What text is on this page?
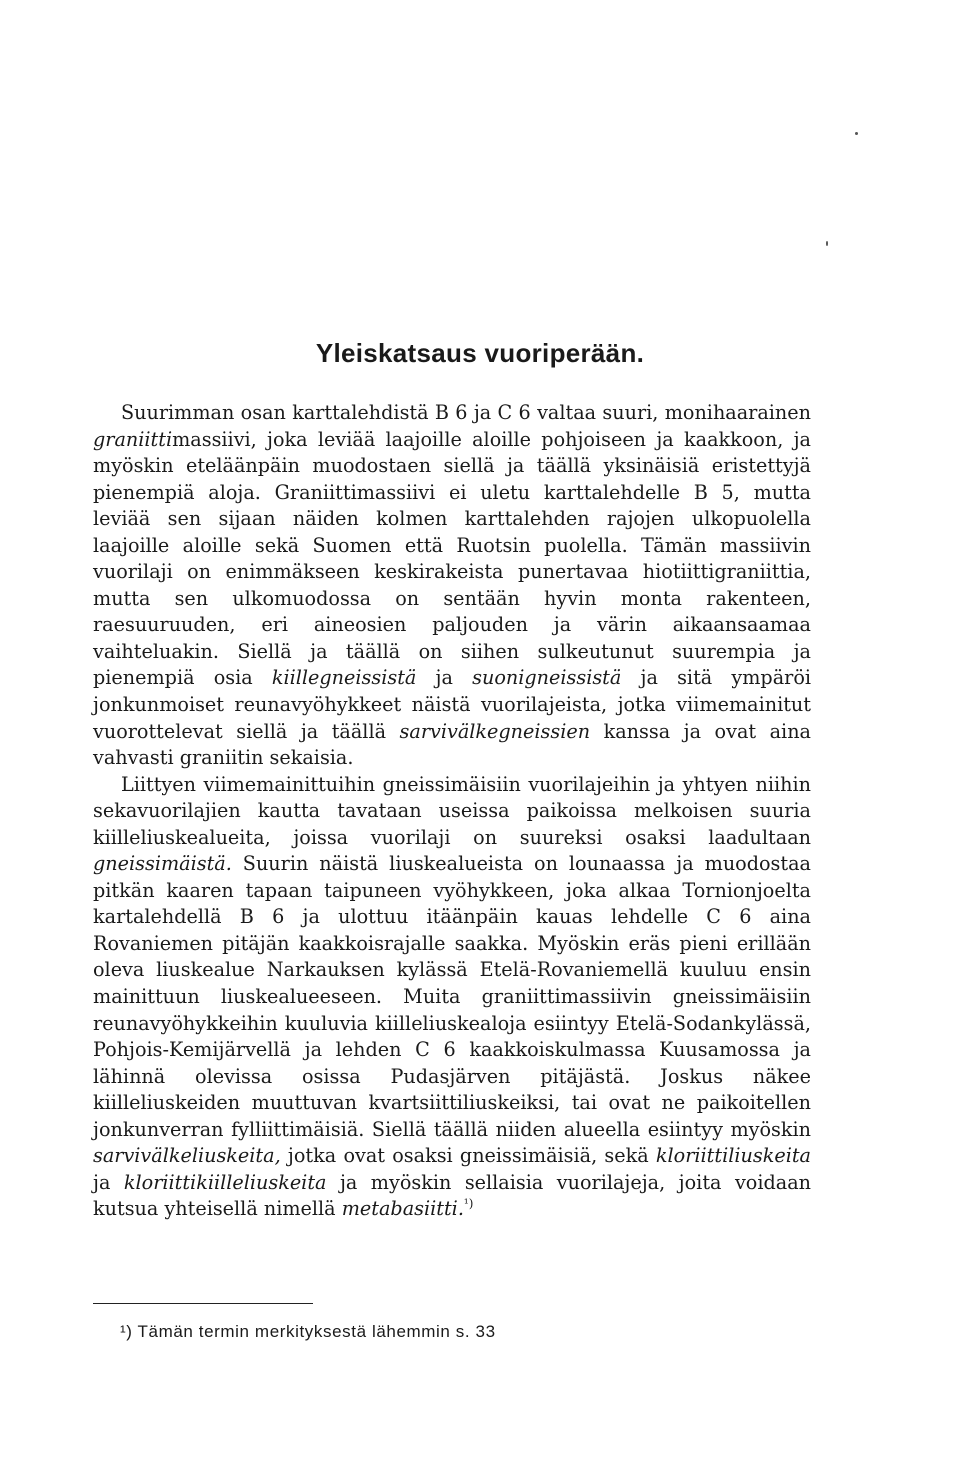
Yleiskatsaus vuoriperään.

Suurimman osan karttalehdistä B 6 ja C 6 valtaa suuri, monihaarainen graniittimassiivi, joka leviää laajoille aloille pohjoiseen ja kaakkoon, ja myöskin eteläänpäin muodostaen siellä ja täällä yksinäisiä eristettyjä pienempiä aloja. Graniittimassiivi ei uletu karttalehdelle B 5, mutta leviää sen sijaan näiden kolmen karttalehden rajojen ulkopuolella laajoille aloille sekä Suomen että Ruotsin puolella. Tämän massiivin vuorilaji on enimmäkseen keskirakeista punertavaa hiotiittigraniittia, mutta sen ulkomuodossa on sentään hyvin monta rakenteen, raesuuruuden, eri aineosien paljouden ja värin aikaansaamaa vaihteluakin. Siellä ja täällä on siihen sulkeutunut suurempia ja pienempiä osia kiillegneissistä ja suonigneissistä ja sitä ympäröi jonkunmoiset reunavyöhykkeet näistä vuorilajeista, jotka viimemainitut vuorottelevat siellä ja täällä sarvivälkegneissien kanssa ja ovat aina vahvasti graniitin sekaisia.

Liittyen viimemainittuihin gneissimäisiin vuorilajeihin ja yhtyen niihin sekavuorilajien kautta tavataan useissa paikoissa melkoisen suuria kiilleliuskealueita, joissa vuorilaji on suureksi osaksi laadultaan gneissimäistä. Suurin näistä liuskealueista on lounaassa ja muodostaa pitkän kaaren tapaan taipuneen vyöhykkeen, joka alkaa Tornionjoelta kartalehdellä B 6 ja ulottuu itäänpäin kauas lehdelle C 6 aina Rovaniemen pitäjän kaakkoisrajalle saakka. Myöskin eräs pieni erillään oleva liuskealue Narkauksen kylässä Etelä-Rovaniemellä kuuluu ensin mainittuun liuskealueeseen. Muita graniittimassiivin gneissimäisiin reunavyöhykkeihin kuuluvia kiilleliuskealoja esiintyy Etelä-Sodankylässä, Pohjois-Kemijärvellä ja lehden C 6 kaakkoiskulmassa Kuusamossa ja lähinnä olevissa osissa Pudasjärven pitäjästä. Joskus näkee kiilleliuskeiden muuttuvan kvartsiittiliuskeiksi, tai ovat ne paikoitellen jonkunverran fylliittimäisiä. Siellä täällä niiden alueella esiintyy myöskin sarvivälkeliuskeita, jotka ovat osaksi gneissimäisiä, sekä kloriittiliuskeita ja kloriittikiilleliuskeita ja myöskin sellaisia vuorilajeja, joita voidaan kutsua yhteisellä nimellä metabasiitti.$^{^1)}$

¹) Tämän termin merkityksestä lähemmin s. 33
